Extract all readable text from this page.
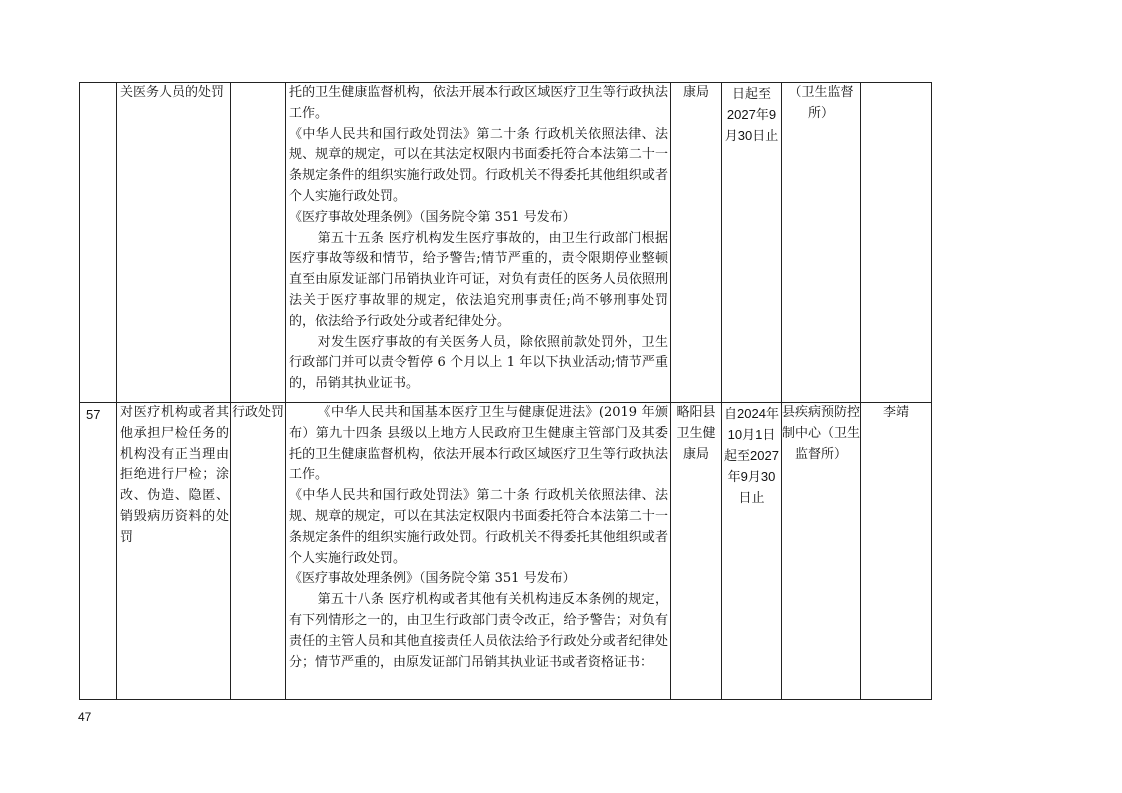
	关医务人员的处罚		托的卫生健康监督机构，依法开展本行政区域医疗卫生等行政执法工作。

《中华人民共和国行政处罚法》第二十条 行政机关依照法律、法规、规章的规定，可以在其法定权限内书面委托符合本法第二十一条规定条件的组织实施行政处罚。行政机关不得委托其他组织或者个人实施行政处罚。

《医疗事故处理条例》（国务院令第 351 号发布）

第五十五条 医疗机构发生医疗事故的，由卫生行政部门根据医疗事故等级和情节，给予警告;情节严重的，责令限期停业整顿直至由原发证部门吊销执业许可证，对负有责任的医务人员依照刑法关于医疗事故罪的规定，依法追究刑事责任;尚不够刑事处罚的，依法给予行政处分或者纪律处分。

对发生医疗事故的有关医务人员，除依照前款处罚外，卫生行政部门并可以责令暂停 6 个月以上 1 年以下执业活动;情节严重的，吊销其执业证书。	康局	日起至2027年9月30日止	（卫生监督所）	

57	对医疗机构或者其他承担尸检任务的机构没有正当理由拒绝进行尸检；涂改、伪造、隐匿、销毁病历资料的处罚	行政处罚	《中华人民共和国基本医疗卫生与健康促进法》(2019 年颁布）第九十四条 县级以上地方人民政府卫生健康主管部门及其委托的卫生健康监督机构，依法开展本行政区域医疗卫生等行政执法工作。

《中华人民共和国行政处罚法》第二十条 行政机关依照法律、法规、规章的规定，可以在其法定权限内书面委托符合本法第二十一条规定条件的组织实施行政处罚。行政机关不得委托其他组织或者个人实施行政处罚。

《医疗事故处理条例》（国务院令第 351 号发布）

第五十八条 医疗机构或者其他有关机构违反本条例的规定，有下列情形之一的，由卫生行政部门责令改正，给予警告；对负有责任的主管人员和其他直接责任人员依法给予行政处分或者纪律处分；情节严重的，由原发证部门吊销其执业证书或者资格证书：	略阳县卫生健康局	自2024年10月1日起至2027年9月30日止	县疾病预防控制中心（卫生监督所）	李靖
47
